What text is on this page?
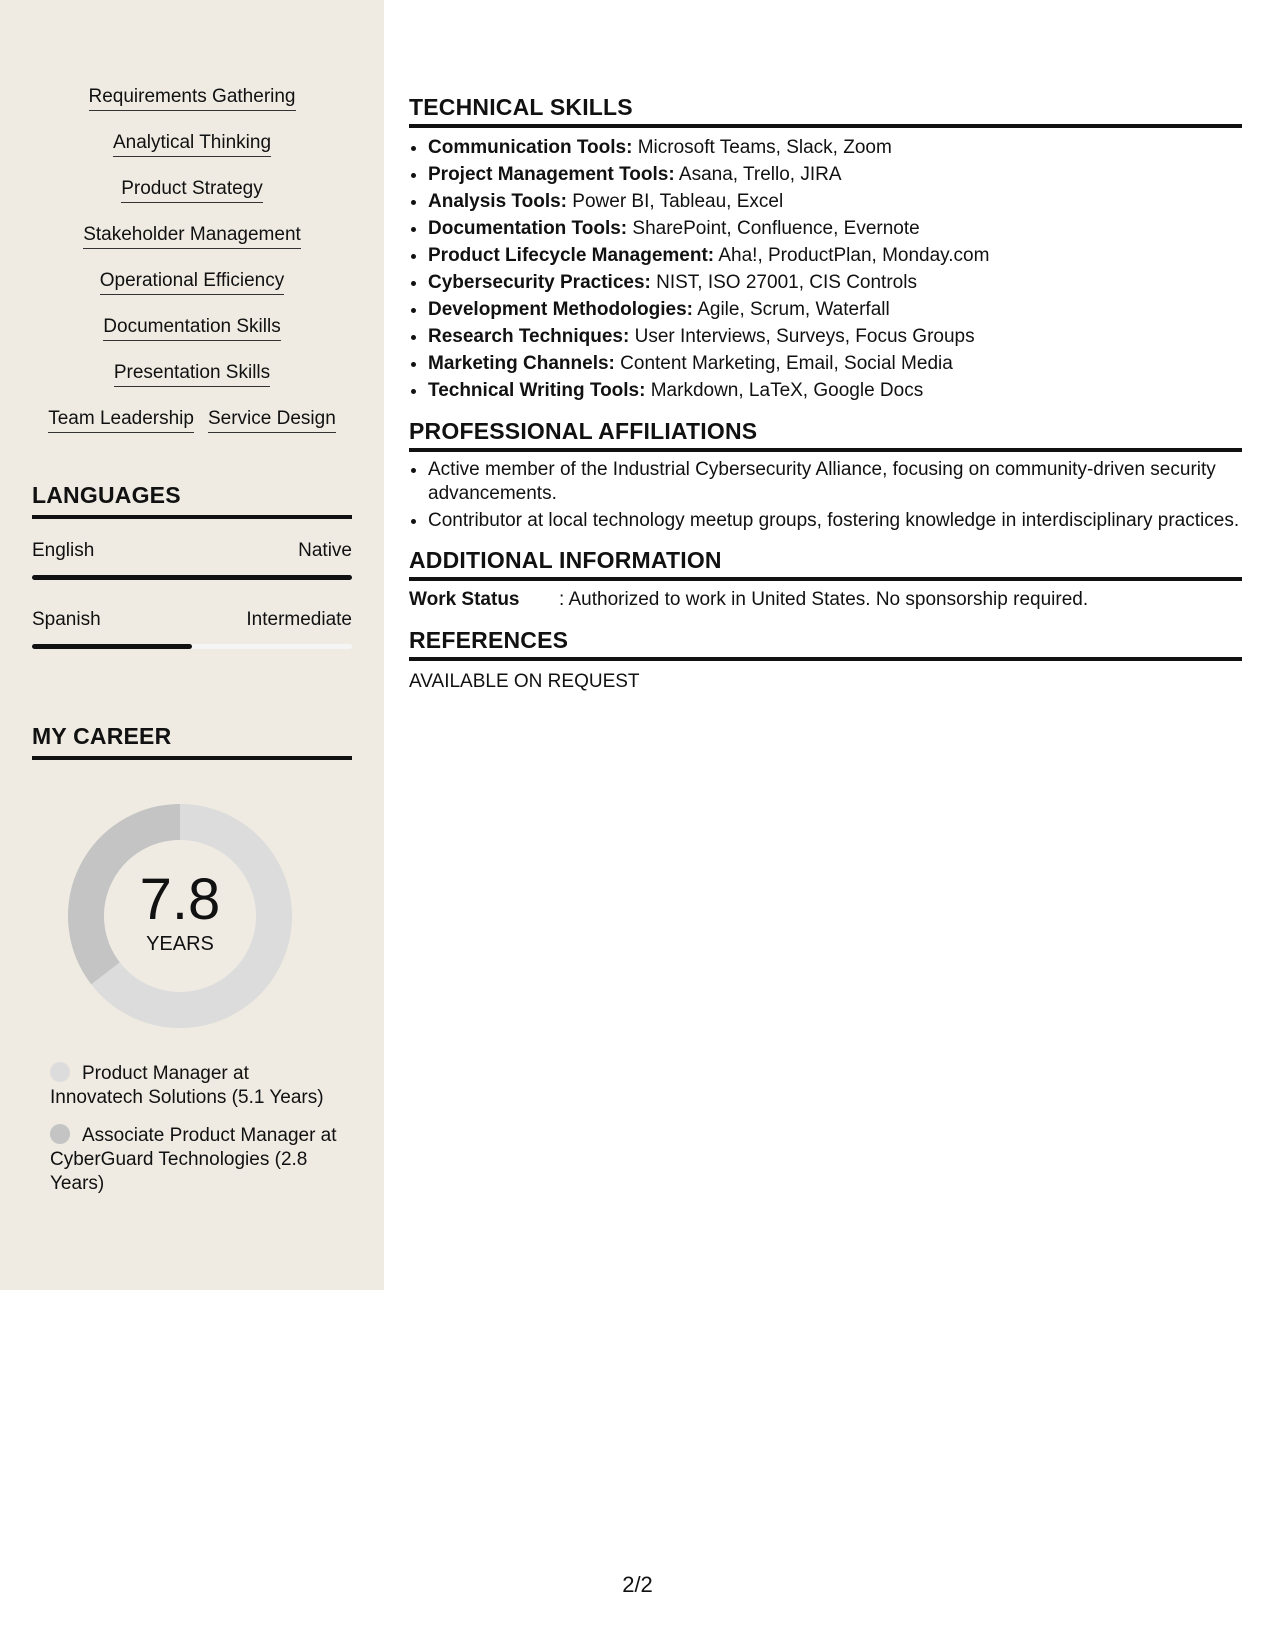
Requirements Gathering
Analytical Thinking
Product Strategy
Stakeholder Management
Operational Efficiency
Documentation Skills
Presentation Skills
Team Leadership Service Design
LANGUAGES
English	Native
Spanish	Intermediate
MY CAREER
7.8
YEARS
Product Manager at Innovatech Solutions (5.1 Years)
Associate Product Manager at CyberGuard Technologies (2.8 Years)
TECHNICAL SKILLS
• Communication Tools: Microsoft Teams, Slack, Zoom
• Project Management Tools: Asana, Trello, JIRA
• Analysis Tools: Power BI, Tableau, Excel
• Documentation Tools: SharePoint, Confluence, Evernote
• Product Lifecycle Management: Aha!, ProductPlan, Monday.com
• Cybersecurity Practices: NIST, ISO 27001, CIS Controls
• Development Methodologies: Agile, Scrum, Waterfall
• Research Techniques: User Interviews, Surveys, Focus Groups
• Marketing Channels: Content Marketing, Email, Social Media
• Technical Writing Tools: Markdown, LaTeX, Google Docs
PROFESSIONAL AFFILIATIONS
• Active member of the Industrial Cybersecurity Alliance, focusing on community-driven security advancements.
• Contributor at local technology meetup groups, fostering knowledge in interdisciplinary practices.
ADDITIONAL INFORMATION
Work Status	: Authorized to work in United States. No sponsorship required.
REFERENCES
AVAILABLE ON REQUEST
2/2
